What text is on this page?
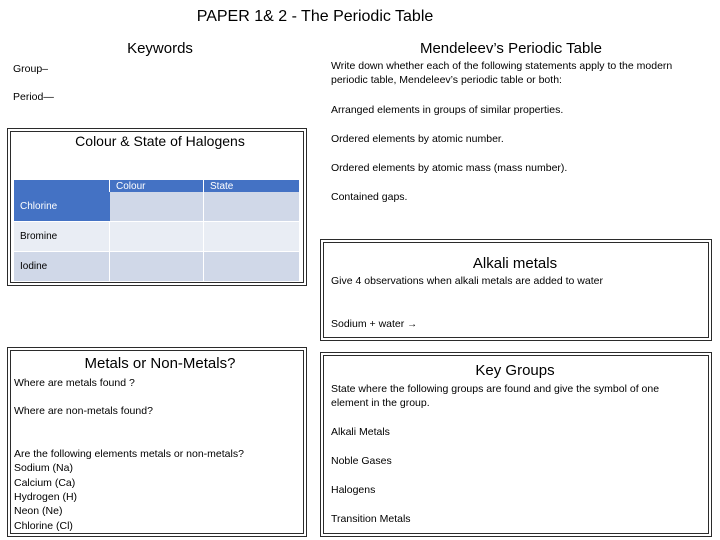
PAPER 1& 2 - The Periodic Table
Keywords
Group–
Period—
Colour & State of Halogens
	Colour	State
Chlorine		
Bromine		
Iodine		
Metals or Non-Metals?
Where are metals found ?
Where are non-metals found?
Are the following elements metals or non-metals?
Sodium (Na)
Calcium (Ca)
Hydrogen (H)
Neon (Ne)
Chlorine (Cl)
Mendeleev’s Periodic Table
Write down whether each of the following statements apply to the modern periodic table, Mendeleev’s periodic table or both:
Arranged elements in groups of similar properties.
Ordered elements by atomic number.
Ordered elements by atomic mass (mass number).
Contained gaps.
Alkali metals
Give 4 observations when alkali metals are added to water
Sodium + water →
Key Groups
State where the following groups are found and give the symbol of one element in the group.
Alkali Metals
Noble Gases
Halogens
Transition Metals
